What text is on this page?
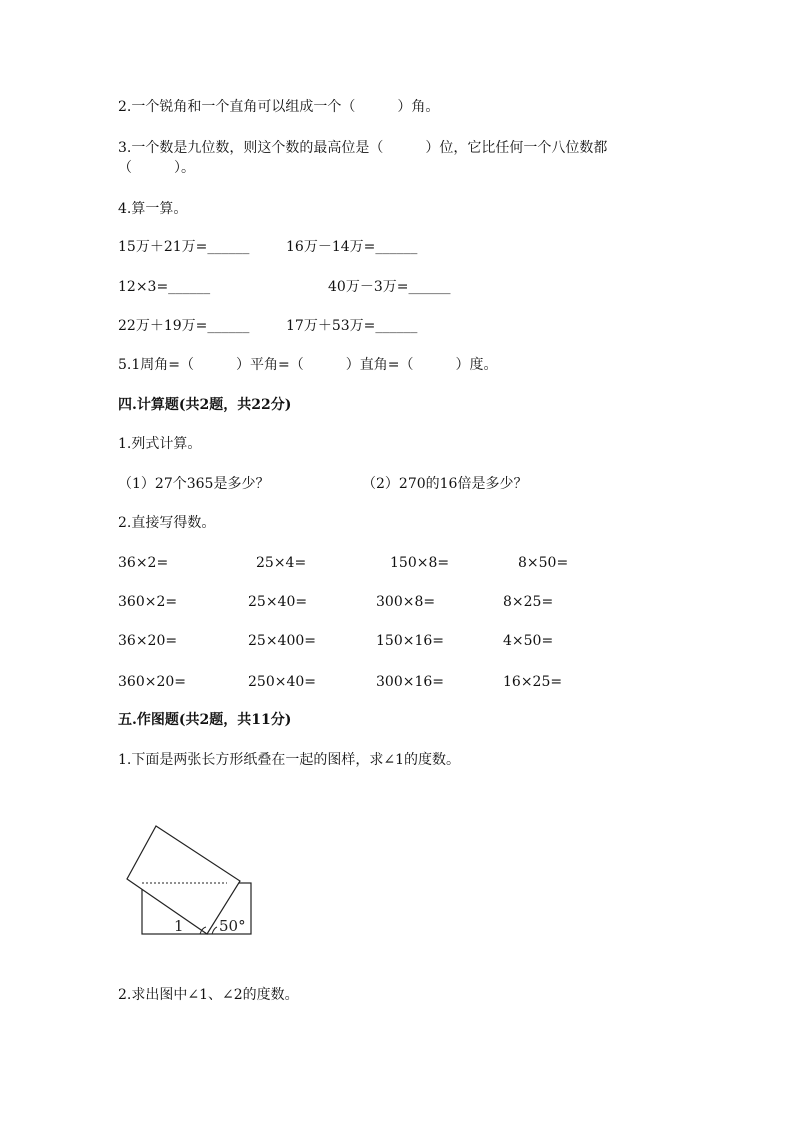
2.一个锐角和一个直角可以组成一个（　　　）角。
3.一个数是九位数，则这个数的最高位是（　　　）位，它比任何一个八位数都
（　　　）。
4.算一算。
15万＋21万=______	16万－14万=______
12×3=______	40万－3万=______
22万＋19万=______	17万＋53万=______
5.1周角=（　　　）平角=（　　　）直角=（　　　）度。
四.计算题(共2题，共22分)
1.列式计算。
（1）27个365是多少？	（2）270的16倍是多少？
2.直接写得数。
36×2=	25×4=	150×8=	8×50=
360×2=	25×40=	300×8=	8×25=
36×20=	25×400=	150×16=	4×50=
360×20=	250×40=	300×16=	16×25=
五.作图题(共2题，共11分)
1.下面是两张长方形纸叠在一起的图样，求∠1的度数。
1 50°
2.求出图中∠1、∠2的度数。
